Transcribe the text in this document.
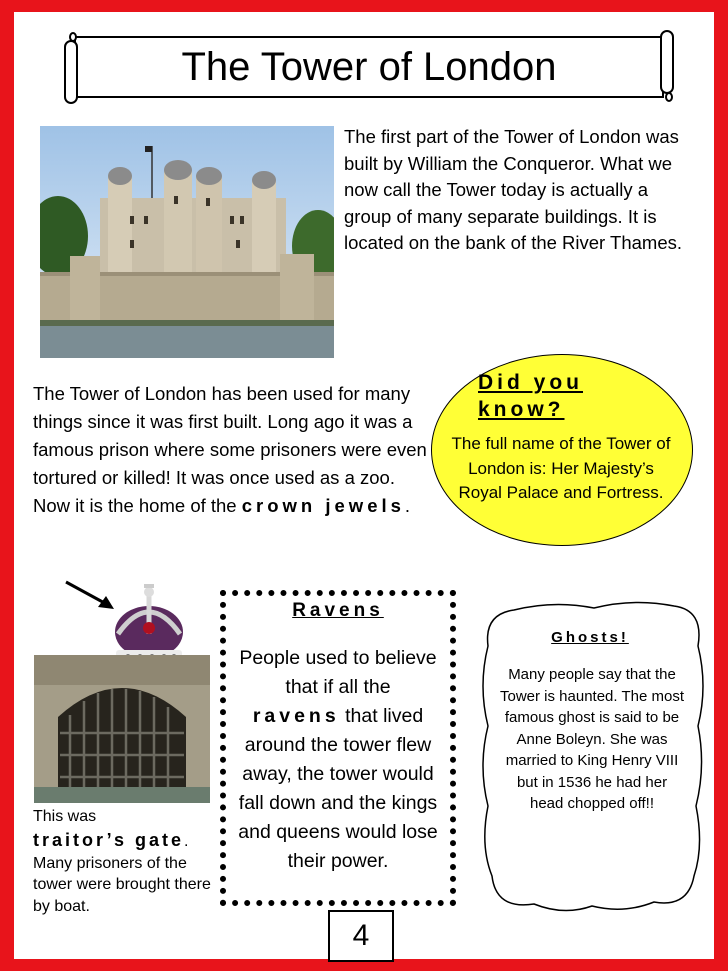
The Tower of London
The first part of the Tower of London was built by William the Conqueror. What we now call the Tower today is actually a group of many separate buildings. It is located on the bank of the River Thames.
The Tower of London has been used for many things since it was first built. Long ago it was a famous prison where some prisoners were even tortured or killed! It was once used as a zoo. Now it is the home of the crown jewels.
Did you know?
The full name of the Tower of London is: Her Majesty’s Royal Palace and Fortress.
Ravens
People used to believe that if all the
ravens that lived around the tower flew away, the tower would fall down and the kings and queens would lose their power.
This was
traitor’s gate. Many prisoners of the tower were brought there by boat.
Ghosts!
Many people say that the Tower is haunted. The most famous ghost is said to be Anne Boleyn. She was married to King Henry VIII but in 1536 he had her head chopped off!!
4
